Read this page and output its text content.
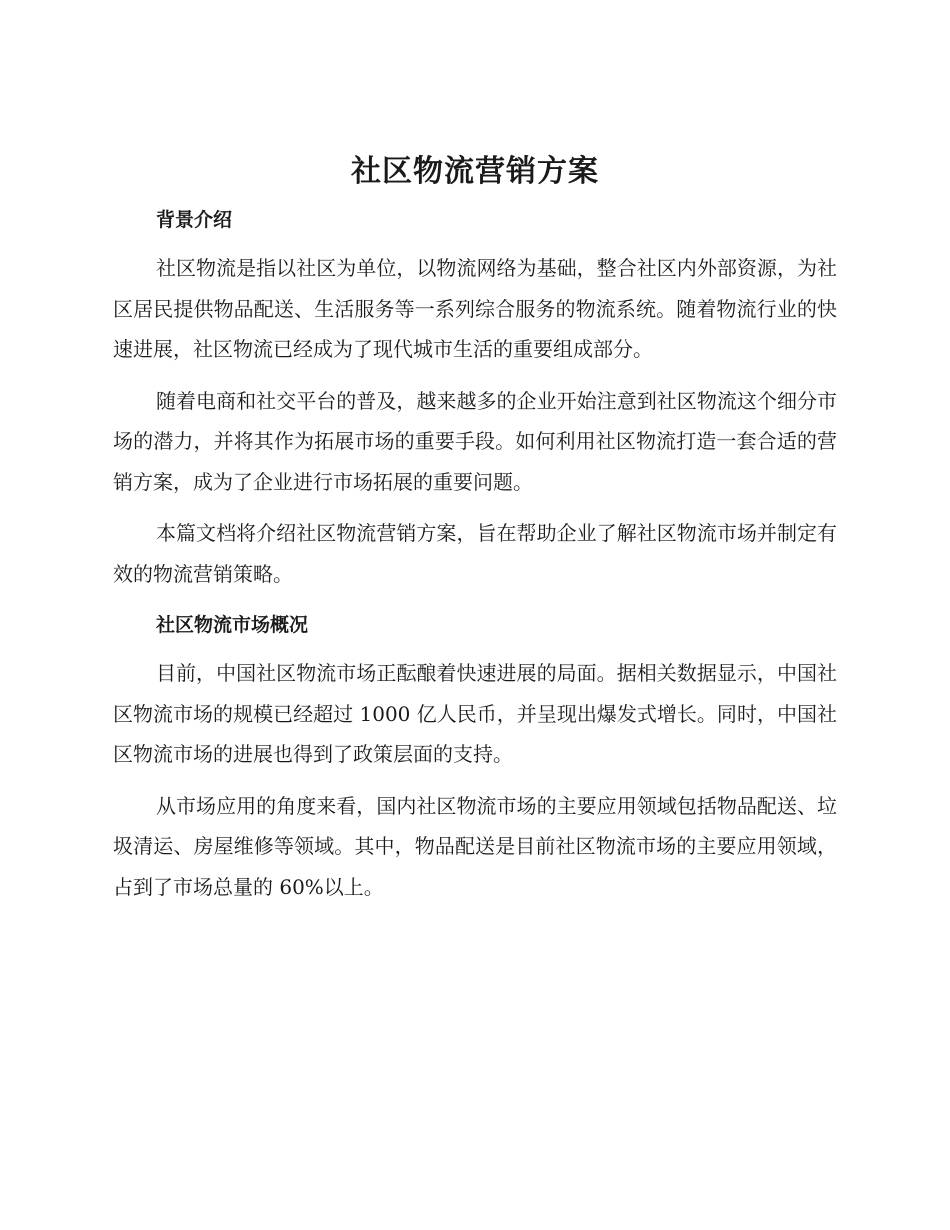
社区物流营销方案
背景介绍

社区物流是指以社区为单位，以物流网络为基础，整合社区内外部资源，为社区居民提供物品配送、生活服务等一系列综合服务的物流系统。随着物流行业的快速进展，社区物流已经成为了现代城市生活的重要组成部分。

随着电商和社交平台的普及，越来越多的企业开始注意到社区物流这个细分市场的潜力，并将其作为拓展市场的重要手段。如何利用社区物流打造一套合适的营销方案，成为了企业进行市场拓展的重要问题。

本篇文档将介绍社区物流营销方案，旨在帮助企业了解社区物流市场并制定有效的物流营销策略。

社区物流市场概况

目前，中国社区物流市场正酝酿着快速进展的局面。据相关数据显示，中国社区物流市场的规模已经超过 1000 亿人民币，并呈现出爆发式增长。同时，中国社区物流市场的进展也得到了政策层面的支持。

从市场应用的角度来看，国内社区物流市场的主要应用领域包括物品配送、垃圾清运、房屋维修等领域。其中，物品配送是目前社区物流市场的主要应用领域，占到了市场总量的 60%以上。
